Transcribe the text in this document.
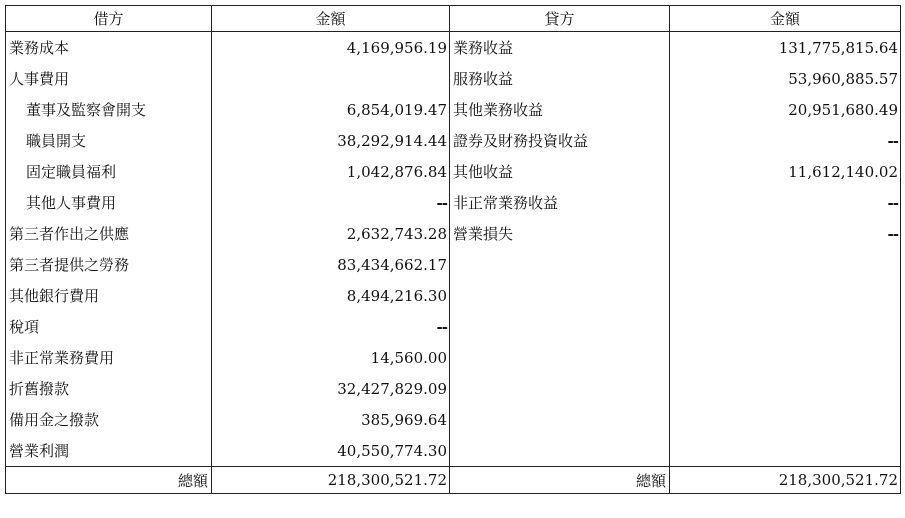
借方	金額	貸方	金額
業務成本	4,169,956.19	業務收益	131,775,815.64
人事費用		服務收益	53,960,885.57
董事及監察會開支	6,854,019.47	其他業務收益	20,951,680.49
職員開支	38,292,914.44	證券及財務投資收益	--
固定職員福利	1,042,876.84	其他收益	11,612,140.02
其他人事費用	--	非正常業務收益	--
第三者作出之供應	2,632,743.28	營業損失	--
第三者提供之勞務	83,434,662.17		
其他銀行費用	8,494,216.30		
稅項	--		
非正常業務費用	14,560.00		
折舊撥款	32,427,829.09		
備用金之撥款	385,969.64		
營業利潤	40,550,774.30		
總額	218,300,521.72	總額	218,300,521.72
